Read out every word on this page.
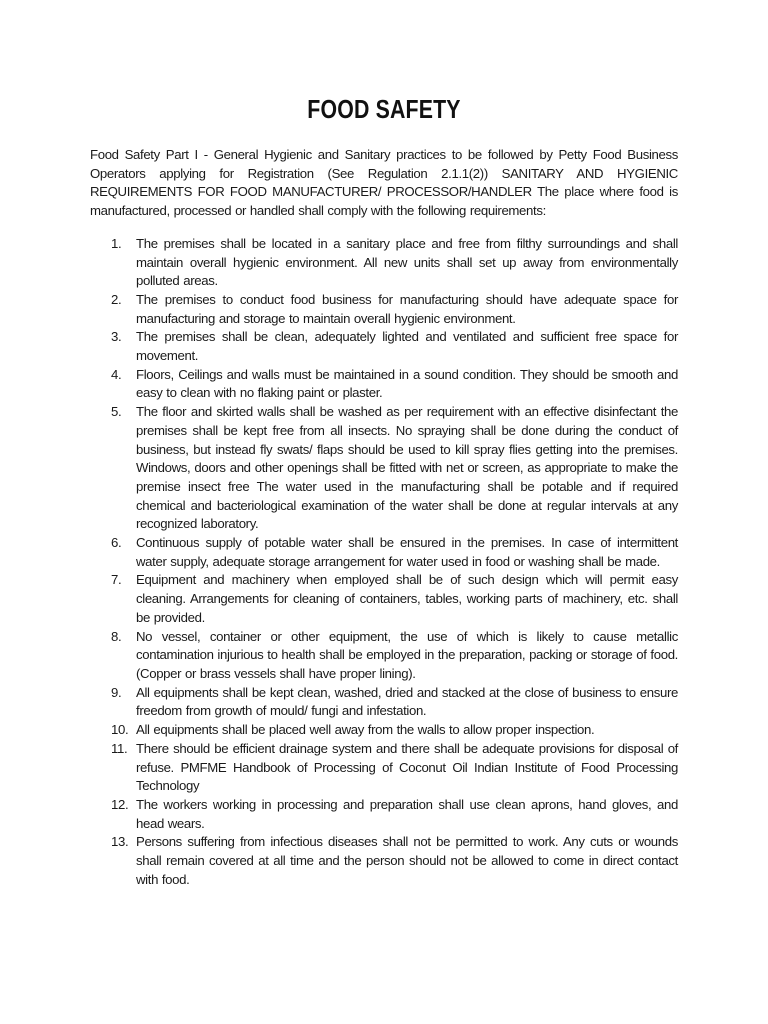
FOOD SAFETY

Food Safety Part I - General Hygienic and Sanitary practices to be followed by Petty Food Business Operators applying for Registration (See Regulation 2.1.1(2)) SANITARY AND HYGIENIC REQUIREMENTS FOR FOOD MANUFACTURER/ PROCESSOR/HANDLER The place where food is manufactured, processed or handled shall comply with the following requirements:

1. The premises shall be located in a sanitary place and free from filthy surroundings and shall maintain overall hygienic environment. All new units shall set up away from environmentally polluted areas.
2. The premises to conduct food business for manufacturing should have adequate space for manufacturing and storage to maintain overall hygienic environment.
3. The premises shall be clean, adequately lighted and ventilated and sufficient free space for movement.
4. Floors, Ceilings and walls must be maintained in a sound condition. They should be smooth and easy to clean with no flaking paint or plaster.
5. The floor and skirted walls shall be washed as per requirement with an effective disinfectant the premises shall be kept free from all insects. No spraying shall be done during the conduct of business, but instead fly swats/ flaps should be used to kill spray flies getting into the premises. Windows, doors and other openings shall be fitted with net or screen, as appropriate to make the premise insect free The water used in the manufacturing shall be potable and if required chemical and bacteriological examination of the water shall be done at regular intervals at any recognized laboratory.
6. Continuous supply of potable water shall be ensured in the premises. In case of intermittent water supply, adequate storage arrangement for water used in food or washing shall be made.
7. Equipment and machinery when employed shall be of such design which will permit easy cleaning. Arrangements for cleaning of containers, tables, working parts of machinery, etc. shall be provided.
8. No vessel, container or other equipment, the use of which is likely to cause metallic contamination injurious to health shall be employed in the preparation, packing or storage of food. (Copper or brass vessels shall have proper lining).
9. All equipments shall be kept clean, washed, dried and stacked at the close of business to ensure freedom from growth of mould/ fungi and infestation.
10. All equipments shall be placed well away from the walls to allow proper inspection.
11. There should be efficient drainage system and there shall be adequate provisions for disposal of refuse. PMFME Handbook of Processing of Coconut Oil Indian Institute of Food Processing Technology
12. The workers working in processing and preparation shall use clean aprons, hand gloves, and head wears.
13. Persons suffering from infectious diseases shall not be permitted to work. Any cuts or wounds shall remain covered at all time and the person should not be allowed to come in direct contact with food.
